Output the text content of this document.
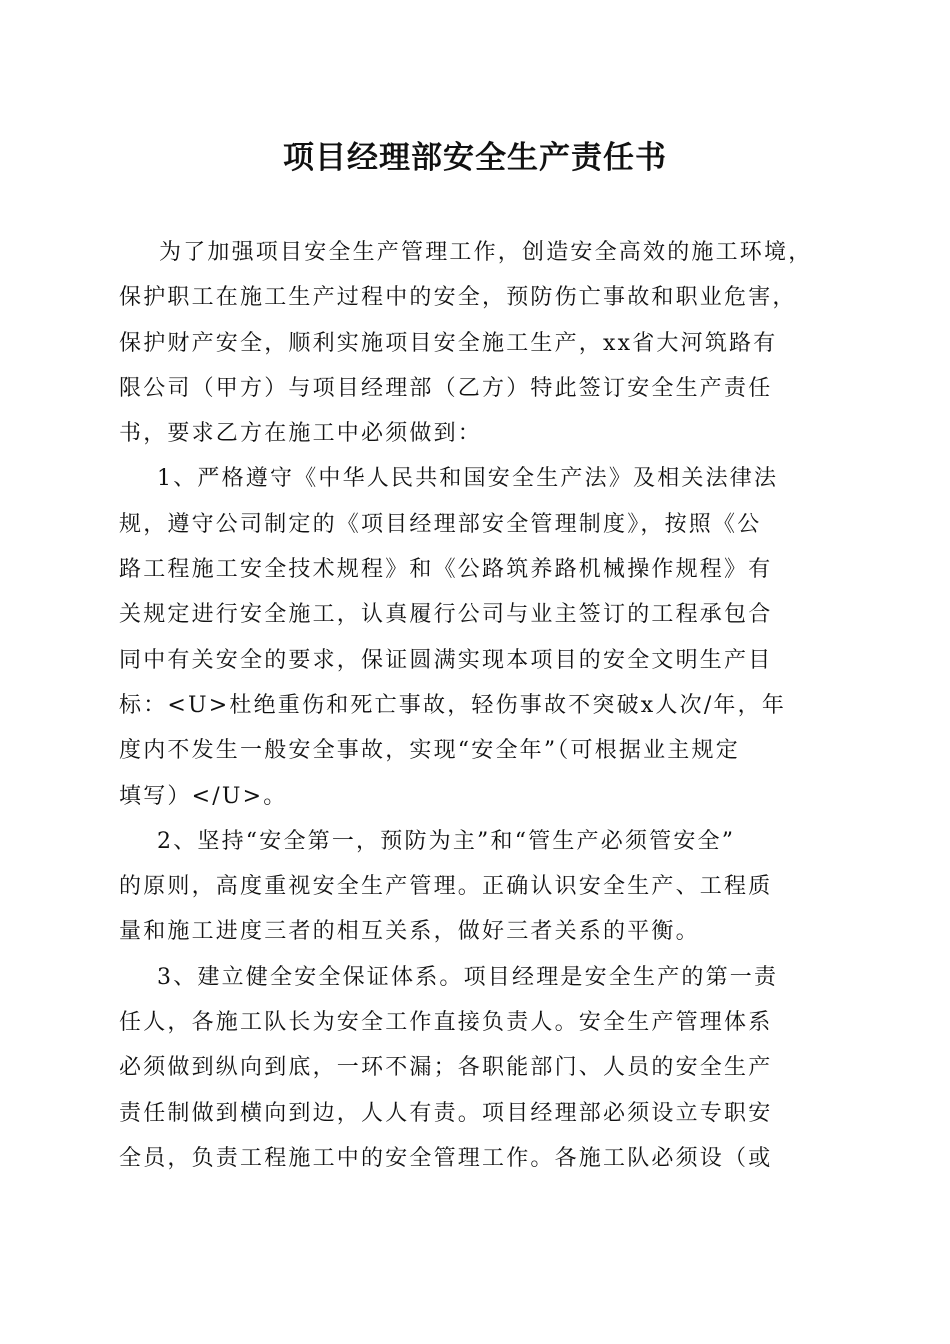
项目经理部安全生产责任书
为了加强项目安全生产管理工作，创造安全高效的施工环境，
保护职工在施工生产过程中的安全，预防伤亡事故和职业危害，
保护财产安全，顺利实施项目安全施工生产，xx省大河筑路有
限公司（甲方）与项目经理部（乙方）特此签订安全生产责任
书，要求乙方在施工中必须做到：
1、严格遵守《中华人民共和国安全生产法》及相关法律法
规，遵守公司制定的《项目经理部安全管理制度》，按照《公
路工程施工安全技术规程》和《公路筑养路机械操作规程》有
关规定进行安全施工，认真履行公司与业主签订的工程承包合
同中有关安全的要求，保证圆满实现本项目的安全文明生产目
标：<U>杜绝重伤和死亡事故，轻伤事故不突破x人次/年，年
度内不发生一般安全事故，实现“安全年”（可根据业主规定
填写）</U>。
2、坚持“安全第一，预防为主”和“管生产必须管安全”
的原则，高度重视安全生产管理。正确认识安全生产、工程质
量和施工进度三者的相互关系，做好三者关系的平衡。
3、建立健全安全保证体系。项目经理是安全生产的第一责
任人，各施工队长为安全工作直接负责人。安全生产管理体系
必须做到纵向到底，一环不漏；各职能部门、人员的安全生产
责任制做到横向到边，人人有责。项目经理部必须设立专职安
全员，负责工程施工中的安全管理工作。各施工队必须设（或
